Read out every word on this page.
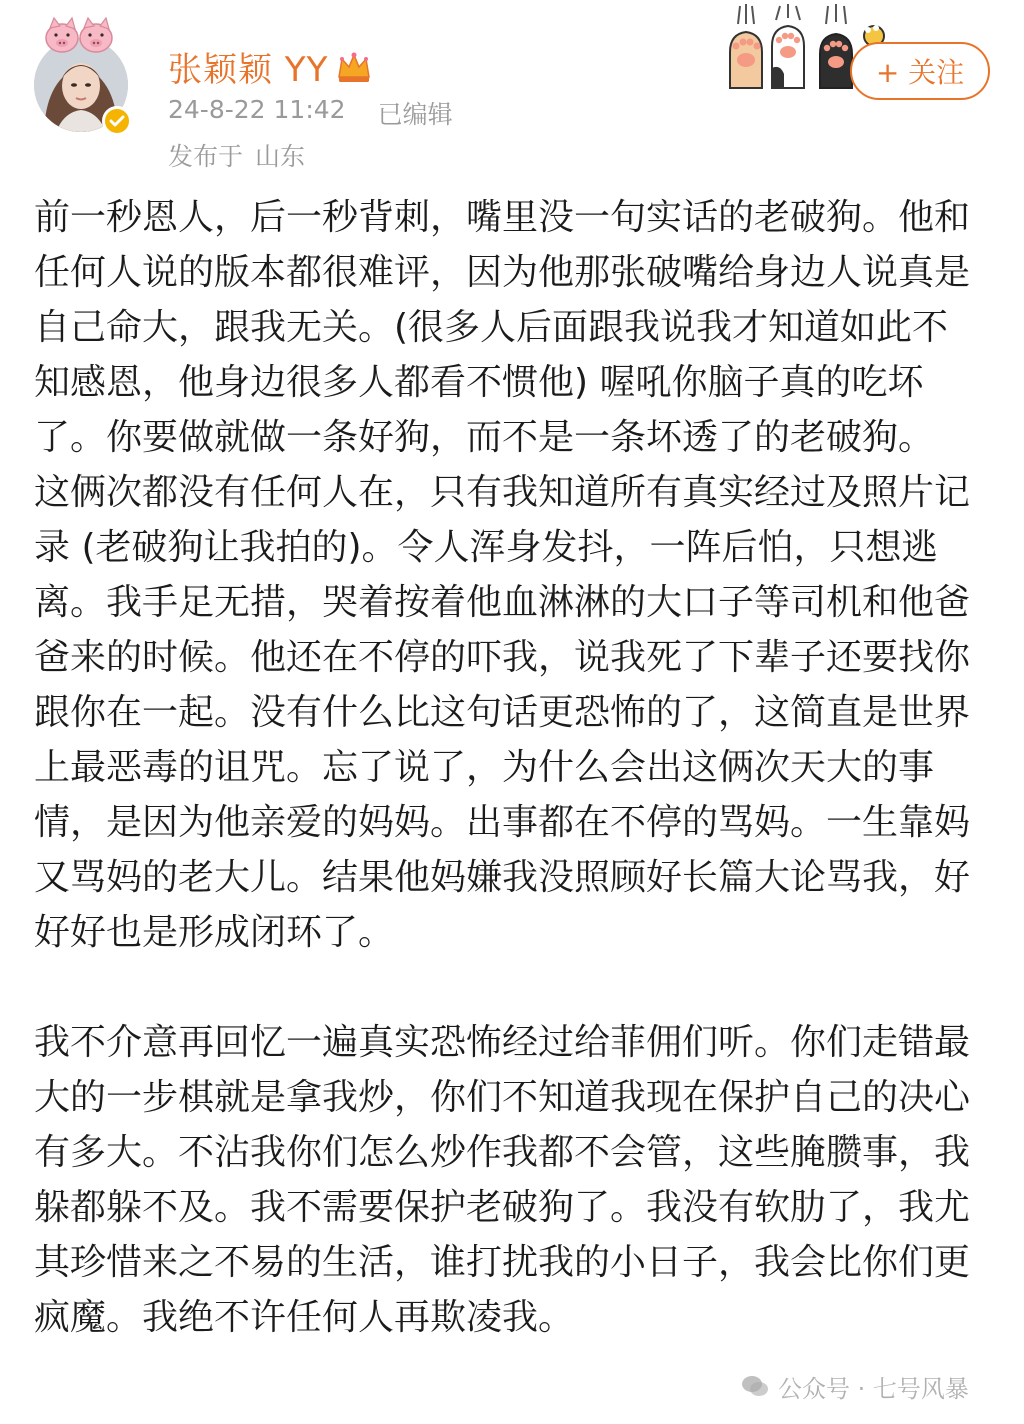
张颖颖 YY
24-8-22 11:42 已编辑
发布于 山东
+ 关注

前一秒恩人，后一秒背刺，嘴里没一句实话的老破狗。他和任何人说的版本都很难评，因为他那张破嘴给身边人说真是自己命大，跟我无关。(很多人后面跟我说我才知道如此不知感恩，他身边很多人都看不惯他) 喔吼你脑子真的吃坏了。你要做就做一条好狗，而不是一条坏透了的老破狗。

这俩次都没有任何人在，只有我知道所有真实经过及照片记录 (老破狗让我拍的)。令人浑身发抖，一阵后怕，只想逃离。我手足无措，哭着按着他血淋淋的大口子等司机和他爸爸来的时候。他还在不停的吓我，说我死了下辈子还要找你跟你在一起。没有什么比这句话更恐怖的了，这简直是世界上最恶毒的诅咒。忘了说了，为什么会出这俩次天大的事情，是因为他亲爱的妈妈。出事都在不停的骂妈。一生靠妈又骂妈的老大儿。结果他妈嫌我没照顾好长篇大论骂我，好好好也是形成闭环了。

我不介意再回忆一遍真实恐怖经过给菲佣们听。你们走错最大的一步棋就是拿我炒，你们不知道我现在保护自己的决心有多大。不沾我你们怎么炒作我都不会管，这些腌臜事，我躲都躲不及。我不需要保护老破狗了。我没有软肋了，我尤其珍惜来之不易的生活，谁打扰我的小日子，我会比你们更疯魔。我绝不许任何人再欺凌我。

公众号 · 七号风暴
